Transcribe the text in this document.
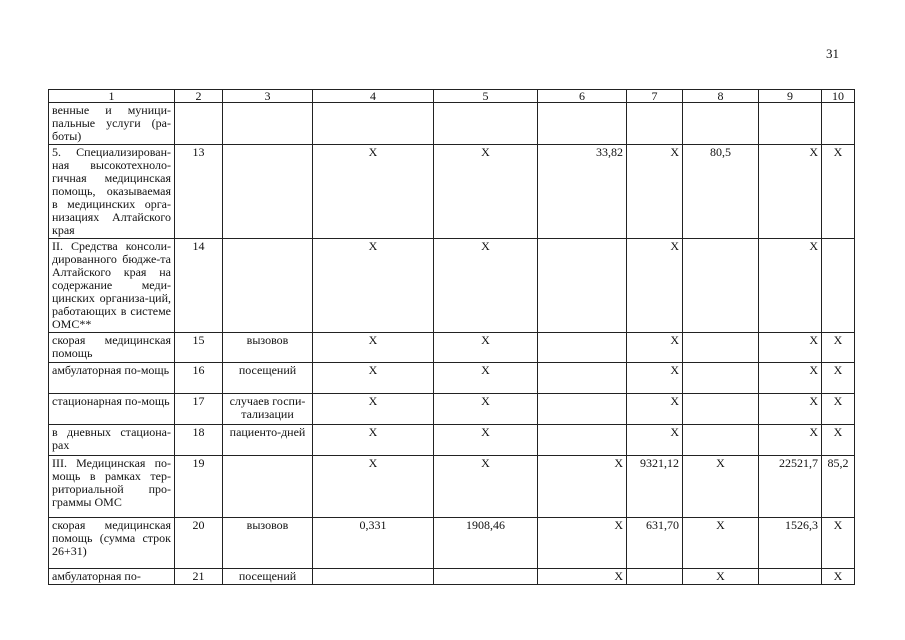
31
1	2	3	4	5	6	7	8	9	10
венные и муници-пальные услуги (ра-боты)									
5. Специализирован-ная высокотехноло-гичная медицинская помощь, оказываемая в медицинских орга-низациях Алтайского края	13		X	X	33,82	X	80,5	X	X
II. Средства консоли-дированного бюдже-та Алтайского края на содержание меди-цинских организа-ций, работающих в системе ОМС**	14		X	X		X		X	
скорая медицинская помощь	15	вызовов	X	X		X		X	X
амбулаторная по-мощь	16	посещений	X	X		X		X	X
стационарная по-мощь	17	случаев госпи-тализации	X	X		X		X	X
в дневных стационa-рах	18	пациенто-дней	X	X		X		X	X
III. Медицинская по-мощь в рамках тер-риториальной про-граммы ОМС	19		X	X	X	9321,12	X	22521,7	85,2
скорая медицинская помощь (сумма строк 26+31)	20	вызовов	0,331	1908,46	X	631,70	X	1526,3	X
амбулаторная по-	21	посещений			X		X		X
